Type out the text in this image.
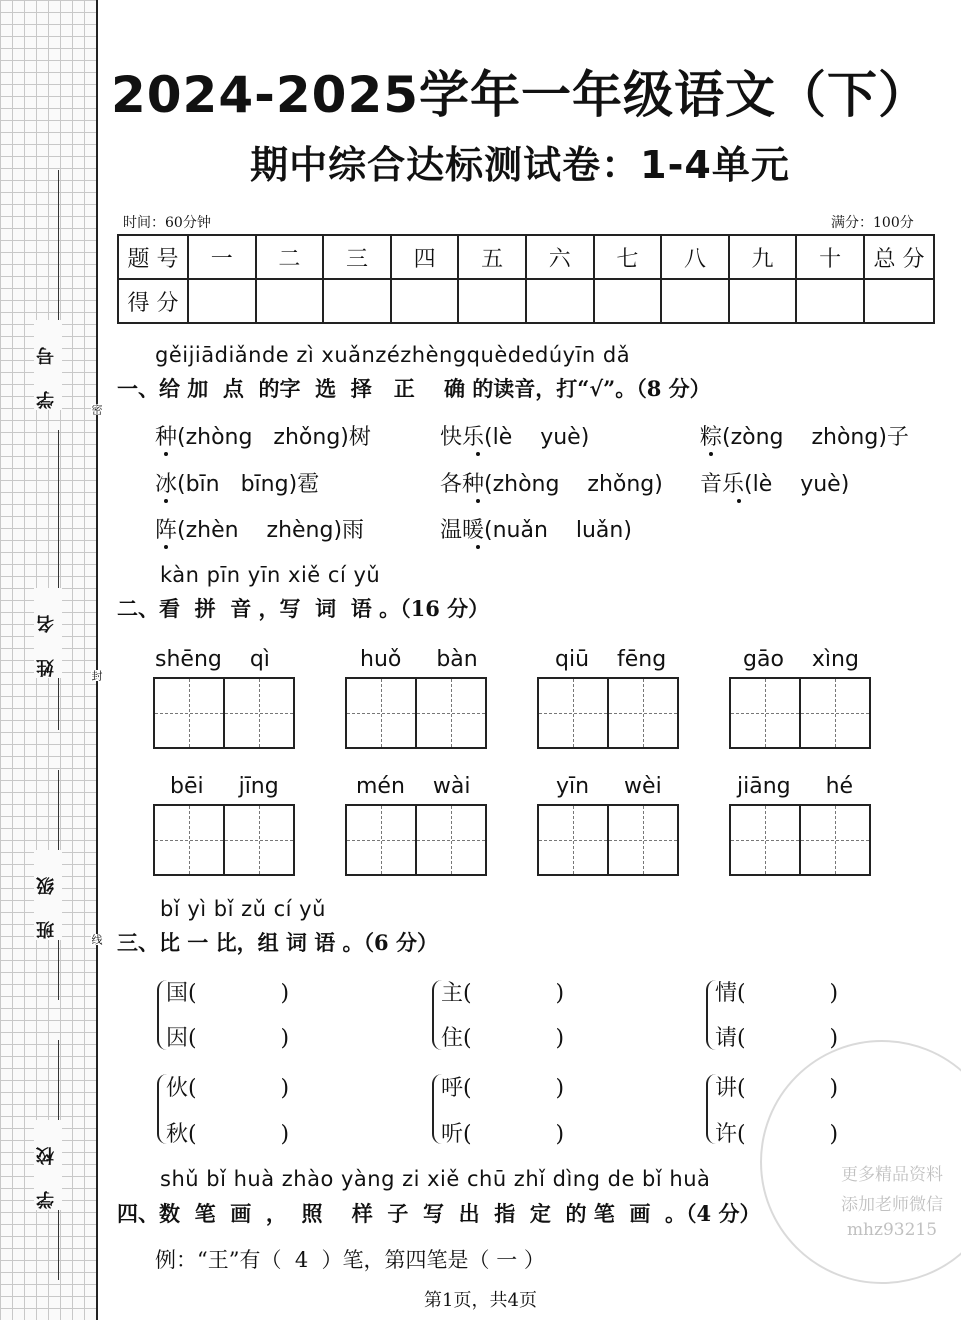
学号
姓名
班级
学校
密
封
线
2024-2025学年一年级语文（下）
期中综合达标测试卷：1-4单元
时间：60分钟	满分：100分
题 号	一	二	三	四	五	六	七	八	九	十	总 分
得 分											
gěijiādiǎnde zì xuǎnzézhèngquèdedúyīn dǎ
一、给 加  点  的字  选  择   正    确 的读音，打“√”。（8 分）
种(zhòng   zhǒng)树	快乐(lè    yuè)	粽(zòng    zhòng)子
冰(bīn   bīng)雹	各种(zhòng    zhǒng) 音乐(lè    yuè)
阵(zhèn    zhèng)雨	温暖(nuǎn    luǎn)
kàn pīn yīn xiě cí yǔ
二、看  拼  音 ，写  词  语 。（16 分）
shēng    qì	huǒ     bàn	qiū    fēng	gāo    xìng
bēi     jīng	mén    wài	yīn     wèi	jiāng     hé
bǐ yì bǐ zǔ cí yǔ
三、比 一 比，组 词 语 。（6 分）
国(            )	主(            )	情(            )
因(            )	住(            )	请(            )
伙(            )	呼(            )	讲(            )
秋(            )	听(            )	许(            )
shǔ bǐ huà zhào yàng zi xiě chū zhǐ dìng de bǐ huà
四、数  笔  画  ，  照    样  子  写  出  指  定  的 笔  画  。（4 分）
例：“王”有（  4  ）笔，第四笔是（ 一 ）
更多精品资料
添加老师微信
mhz93215
第1页，共4页
